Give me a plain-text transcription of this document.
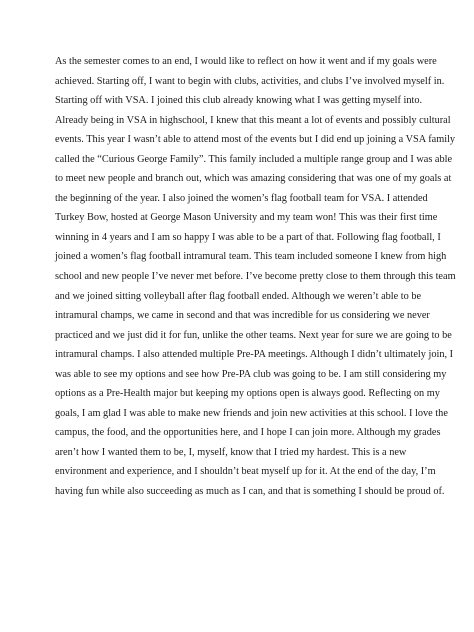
As the semester comes to an end, I would like to reflect on how it went and if my goals were
achieved. Starting off, I want to begin with clubs, activities, and clubs I’ve involved myself in.
Starting off with VSA. I joined this club already knowing what I was getting myself into.
Already being in VSA in highschool, I knew that this meant a lot of events and possibly cultural
events. This year I wasn’t able to attend most of the events but I did end up joining a VSA family
called the “Curious George Family”. This family included a multiple range group and I was able
to meet new people and branch out, which was amazing considering that was one of my goals at
the beginning of the year. I also joined the women’s flag football team for VSA. I attended
Turkey Bow, hosted at George Mason University and my team won! This was their first time
winning in 4 years and I am so happy I was able to be a part of that. Following flag football, I
joined a women’s flag football intramural team. This team included someone I knew from high
school and new people I’ve never met before. I’ve become pretty close to them through this team
and we joined sitting volleyball after flag football ended. Although we weren’t able to be
intramural champs, we came in second and that was incredible for us considering we never
practiced and we just did it for fun, unlike the other teams. Next year for sure we are going to be
intramural champs. I also attended multiple Pre-PA meetings. Although I didn’t ultimately join, I
was able to see my options and see how Pre-PA club was going to be. I am still considering my
options as a Pre-Health major but keeping my options open is always good. Reflecting on my
goals, I am glad I was able to make new friends and join new activities at this school. I love the
campus, the food, and the opportunities here, and I hope I can join more. Although my grades
aren’t how I wanted them to be, I, myself, know that I tried my hardest. This is a new
environment and experience, and I shouldn’t beat myself up for it. At the end of the day, I’m
having fun while also succeeding as much as I can, and that is something I should be proud of.
